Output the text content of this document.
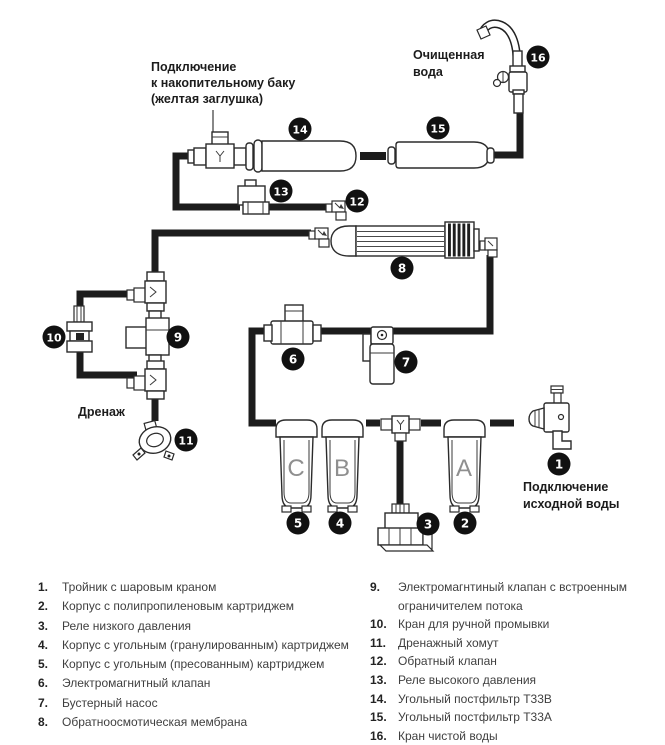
C B	A	1
2
3
4
5
6	7
8
9
10
11
12
13
14	15
16
Подключение
к накопительному баку
(желтая заглушка)
Очищенная
вода
Дренаж
Подключение
исходной воды
1.	Тройник с шаровым краном
2.	Корпус с полипропиленовым картриджем
3.	Реле низкого давления
4.	Корпус с угольным (гранулированным) картриджем
5.	Корпус с угольным (пресованным) картриджем
6.	Электромагнитный клапан
7.	Бустерный насос
8.	Обратноосмотическая мембрана
9.	Электромагнтиный клапан с встроенным ограничителем потока
10. Кран для ручной промывки
11. Дренажный хомут
12. Обратный клапан
13. Реле высокого давления
14. Угольный постфильтр T33B
15. Угольный постфильтр T33A
16. Кран чистой воды
